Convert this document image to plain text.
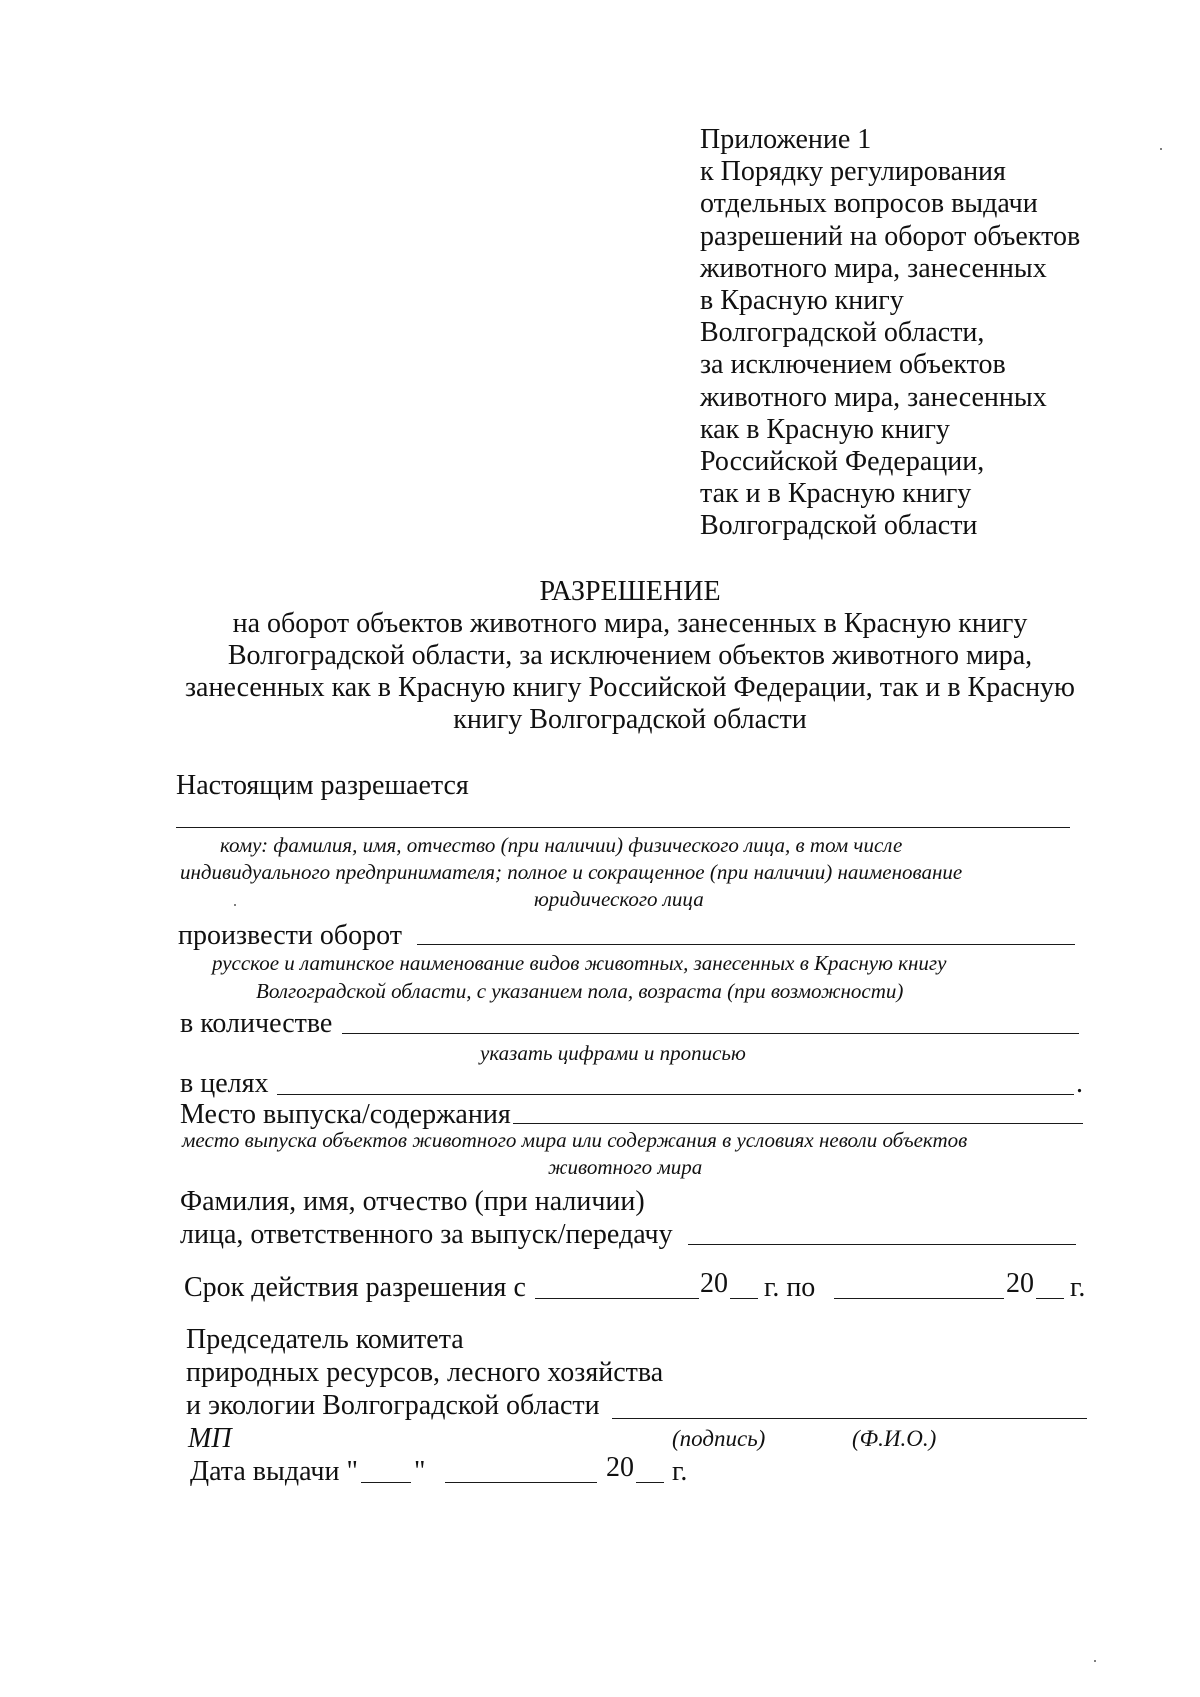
Приложение 1
к Порядку регулирования
отдельных вопросов выдачи
разрешений на оборот объектов
животного мира, занесенных
в Красную книгу
Волгоградской области,
за исключением объектов
животного мира, занесенных
как в Красную книгу
Российской Федерации,
так и в Красную книгу
Волгоградской области
РАЗРЕШЕНИЕ
на оборот объектов животного мира, занесенных в Красную книгу
Волгоградской области, за исключением объектов животного мира,
занесенных как в Красную книгу Российской Федерации, так и в Красную
книгу Волгоградской области
Настоящим разрешается
кому: фамилия, имя, отчество (при наличии) физического лица, в том числе
индивидуального предпринимателя; полное и сокращенное (при наличии) наименование
юридического лица
произвести оборот
русское и латинское наименование видов животных, занесенных в Красную книгу
Волгоградской области, с указанием пола, возраста (при возможности)
в количестве
указать цифрами и прописью
в целях	.
Место выпуска/содержания
место выпуска объектов животного мира или содержания в условиях неволи объектов
животного мира
Фамилия, имя, отчество (при наличии)
лица, ответственного за выпуск/передачу
Срок действия разрешения с	20 г. по	20 г.
Председатель комитета
природных ресурсов, лесного хозяйства
и экологии Волгоградской области
МП	(подпись)	(Ф.И.О.)
Дата выдачи " "	20 г.
